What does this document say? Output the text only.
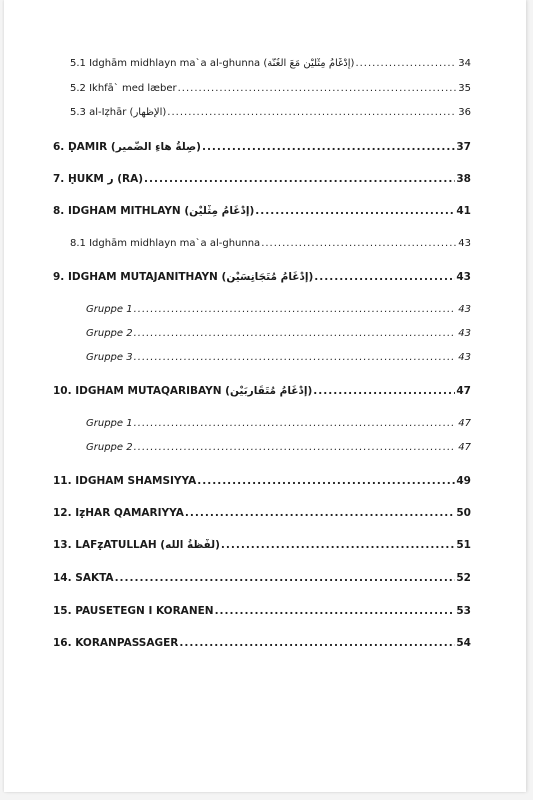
5.1 Idghām midhlayn ma`a al-ghunna (إِدْغَامُ مِثْلَيْنِ مَعَ الْغُنَّة) .....	34
5.2 Ikhfā` med læber .....	35
5.3 al-Iẓhār (الإِظْهار) .....	36
6. ḌAMĪR (صِلَةُ هاءِ الضَّمير) .....	37
7. ḤUKM ر (RA) .....	38
8. IDGHĀM MITHLAYN (إِدْغَامُ مِثْلَيْنِ) .....	41
8.1 Idghām midhlayn ma`a al-ghunna .....	43
9. IDGHĀM MUTAJĀNITHAYN (إِدْغَامُ مُتَجَانِسَيْنِ) .....	43
Gruppe 1 .....	43
Gruppe 2 .....	43
Gruppe 3 .....	43
10. IDGHĀM MUTAQĀRIBAYN (إِدْغَامُ مُتَقَارِبَيْنِ) .....	47
Gruppe 1 .....	47
Gruppe 2 .....	47
11. IDGHĀM SHAMSIYYA .....	49
12. IẓHĀR QAMARIYYA .....	50
13. LAFẓATULLĀH (لَفْظَةُ الله) .....	51
14. SAKTA .....	52
15. PAUSETEGN I KORANEN .....	53
16. KORANPASSAGER .....	54
